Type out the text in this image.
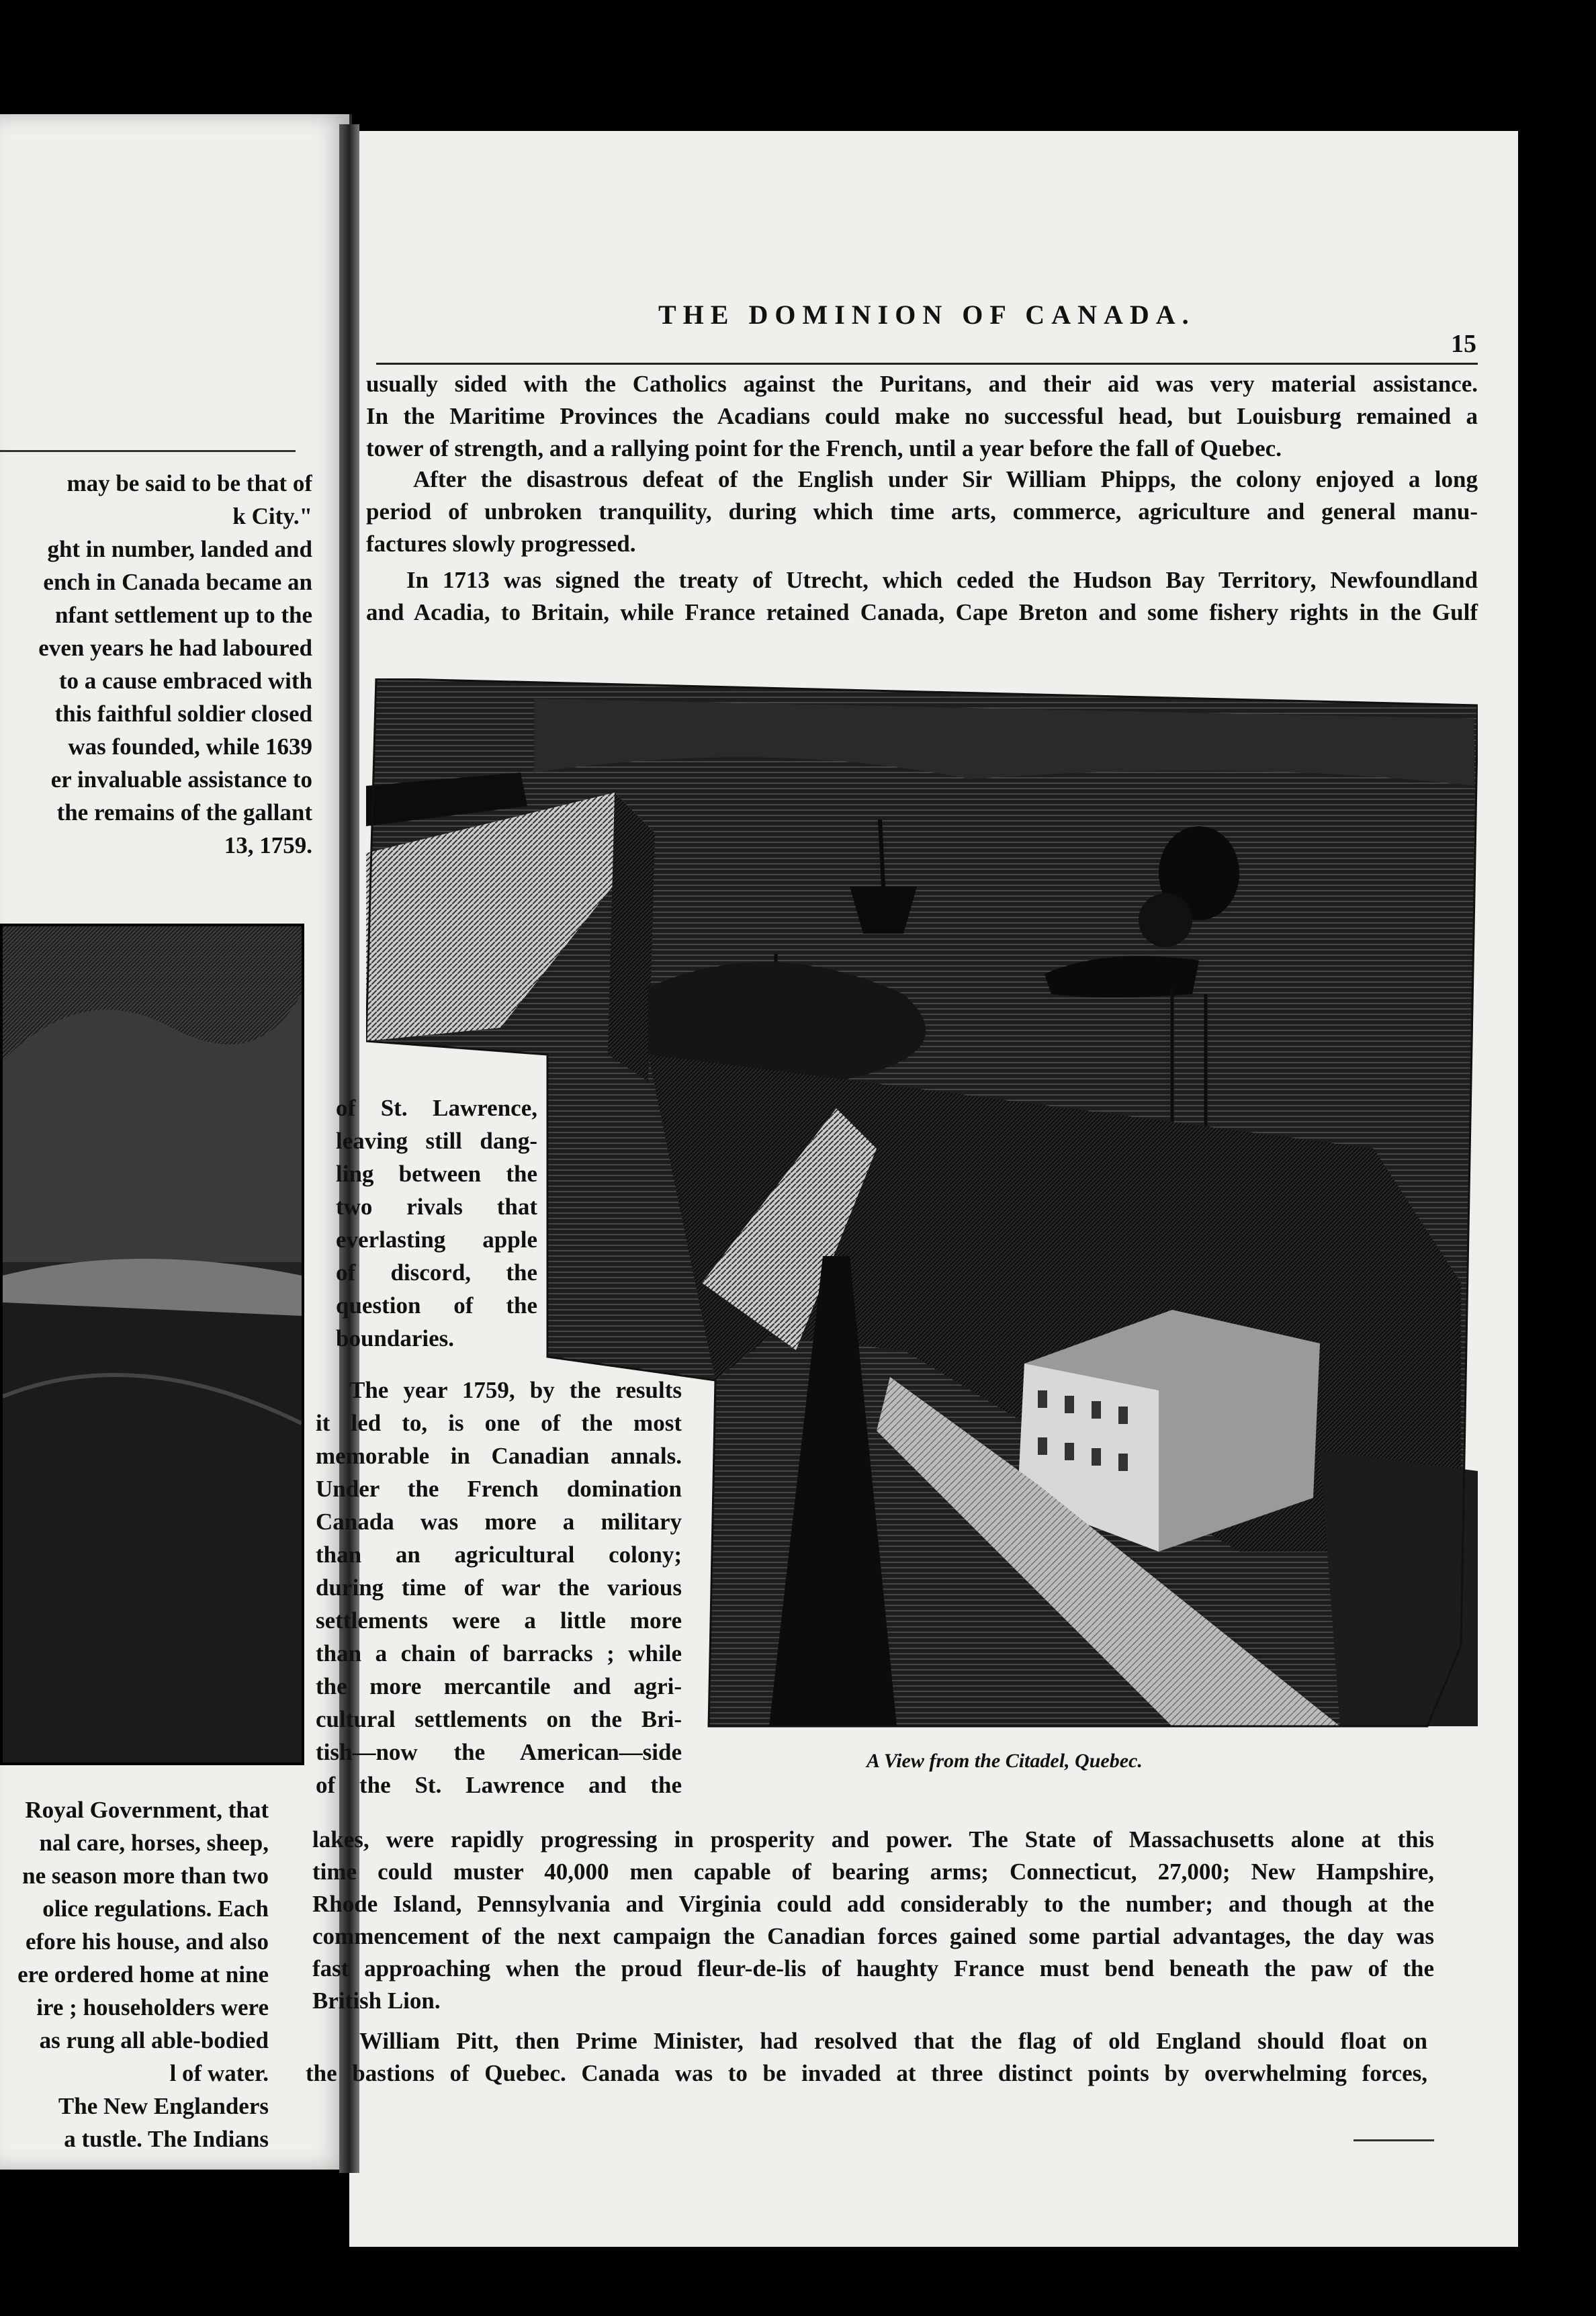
may be said to be that of
k City."
ght in number, landed and
ench in Canada became an
nfant settlement up to the
even years he had laboured
to a cause embraced with
this faithful soldier closed
was founded, while 1639
er invaluable assistance to
the remains of the gallant
13, 1759.
Royal Government, that
nal care, horses, sheep,
ne season more than two
olice regulations. Each
efore his house, and also
ere ordered home at nine
ire ; householders were
as rung all able-bodied
l of water.
The New Englanders
a tustle. The Indians
THE DOMINION OF CANADA.
15
usually sided with the Catholics against the Puritans, and their aid was very material assistance.
In the Maritime Provinces the Acadians could make no successful head, but Louisburg remained a
tower of strength, and a rallying point for the French, until a year before the fall of Quebec.
After the disastrous defeat of the English under Sir William Phipps, the colony enjoyed a long
period of unbroken tranquility, during which time arts, commerce, agriculture and general manu-
factures slowly progressed.
In 1713 was signed the treaty of Utrecht, which ceded the Hudson Bay Territory, Newfoundland
and Acadia, to Britain, while France retained Canada, Cape Breton and some fishery rights in the Gulf
A View from the Citadel, Quebec.
of St. Lawrence,
leaving still dang-
ling between the
two rivals that
everlasting apple
of discord, the
question of the
boundaries.
The year 1759, by the results
it led to, is one of the most
memorable in Canadian annals.
Under the French domination
Canada was more a military
than an agricultural colony;
during time of war the various
settlements were a little more
than a chain of barracks ; while
the more mercantile and agri-
cultural settlements on the Bri-
tish—now the American—side
of the St. Lawrence and the
lakes, were rapidly progressing in prosperity and power. The State of Massachusetts alone at this
time could muster 40,000 men capable of bearing arms; Connecticut, 27,000; New Hampshire,
Rhode Island, Pennsylvania and Virginia could add considerably to the number; and though at the
commencement of the next campaign the Canadian forces gained some partial advantages, the day was
fast approaching when the proud fleur-de-lis of haughty France must bend beneath the paw of the
British Lion.
William Pitt, then Prime Minister, had resolved that the flag of old England should float on
the bastions of Quebec. Canada was to be invaded at three distinct points by overwhelming forces,
